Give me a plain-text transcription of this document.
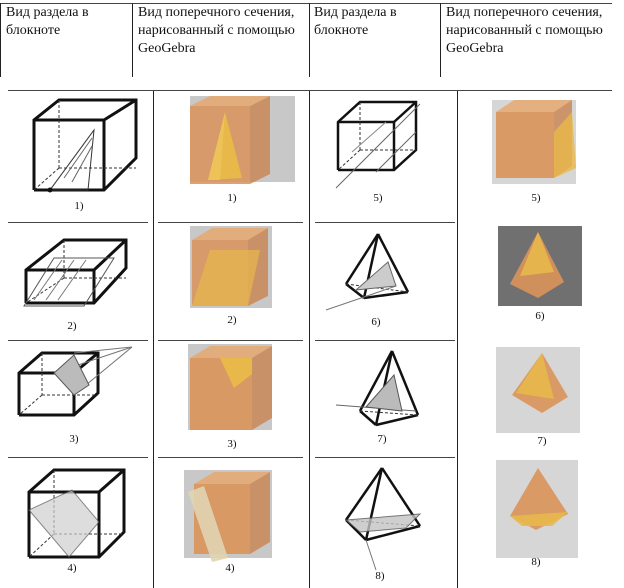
Вид раздела в блокноте
Вид поперечного сечения, нарисованный с помощью GeoGebra
Вид раздела в блокноте
Вид поперечного сечения, нарисованный с помощью GeoGebra
1)
2)
3)
4)
1)
2)
3)
4)
5)
6)
7)
8)
5)
6)
7)
8)
